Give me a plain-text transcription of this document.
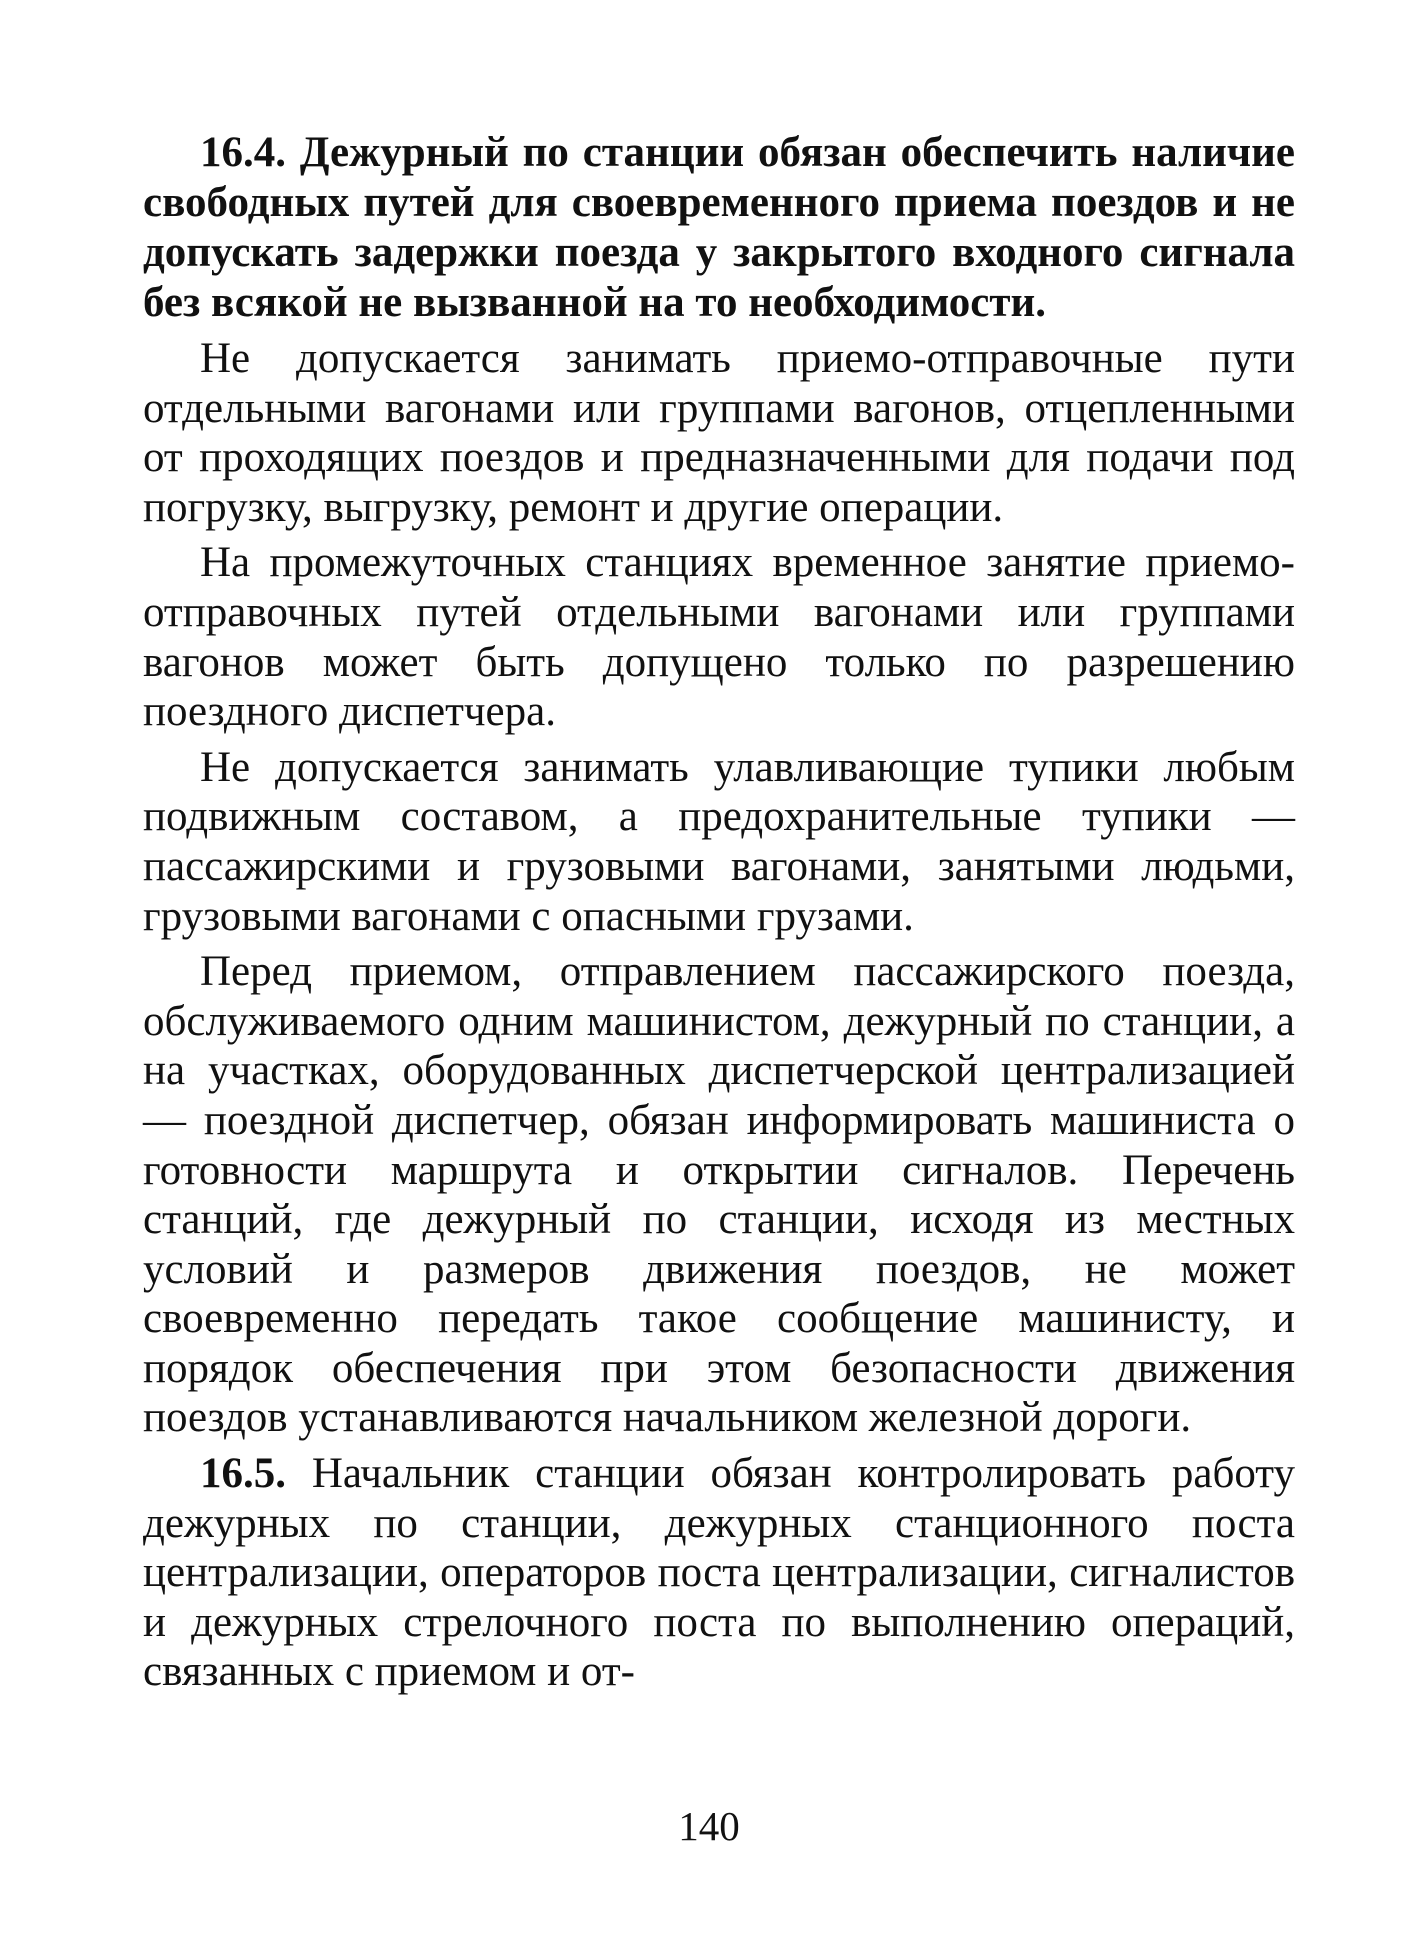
16.4. Дежурный по станции обязан обеспечить наличие свободных путей для своевременного приема поездов и не допускать задержки поезда у закрытого входного сигнала без всякой не вызванной на то необходимости.

Не допускается занимать приемо-отправочные пути отдельными вагонами или группами вагонов, отцепленными от проходящих поездов и предназначенными для подачи под погрузку, выгрузку, ремонт и другие операции.

На промежуточных станциях временное занятие приемо-отправочных путей отдельными вагонами или группами вагонов может быть допущено только по разрешению поездного диспетчера.

Не допускается занимать улавливающие тупики любым подвижным составом, а предохранительные тупики — пассажирскими и грузовыми вагонами, занятыми людьми, грузовыми вагонами с опасными грузами.

Перед приемом, отправлением пассажирского поезда, обслуживаемого одним машинистом, дежурный по станции, а на участках, оборудованных диспетчерской централизацией — поездной диспетчер, обязан информировать машиниста о готовности маршрута и открытии сигналов. Перечень станций, где дежурный по станции, исходя из местных условий и размеров движения поездов, не может своевременно передать такое сообщение машинисту, и порядок обеспечения при этом безопасности движения поездов устанавливаются начальником железной дороги.

16.5. Начальник станции обязан контролировать работу дежурных по станции, дежурных станционного поста централизации, операторов поста централизации, сигналистов и дежурных стрелочного поста по выполнению операций, связанных с приемом и от-

140
